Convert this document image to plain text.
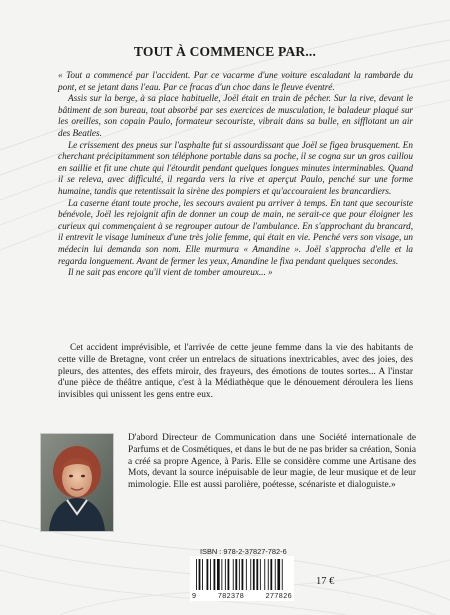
TOUT À COMMENCE PAR...

« Tout a commencé par l'accident. Par ce vacarme d'une voiture escaladant la rambarde du pont, et se jetant dans l'eau. Par ce fracas d'un choc dans le fleuve éventré.

Assis sur la berge, à sa place habituelle, Joël était en train de pêcher. Sur la rive, devant le bâtiment de son bureau, tout absorbé par ses exercices de musculation, le baladeur plaqué sur les oreilles, son copain Paulo, formateur secouriste, vibrait dans sa bulle, en sifflotant un air des Beatles.

Le crissement des pneus sur l'asphalte fut si assourdissant que Joël se figea brusquement. En cherchant précipitamment son téléphone portable dans sa poche, il se cogna sur un gros caillou en saillie et fit une chute qui l'étourdit pendant quelques longues minutes interminables. Quand il se releva, avec difficulté, il regarda vers la rive et aperçut Paulo, penché sur une forme humaine, tandis que retentissait la sirène des pompiers et qu'accouraient les brancardiers.

La caserne étant toute proche, les secours avaient pu arriver à temps. En tant que secouriste bénévole, Joël les rejoignit afin de donner un coup de main, ne serait-ce que pour éloigner les curieux qui commençaient à se regrouper autour de l'ambulance. En s'approchant du brancard, il entrevit le visage lumineux d'une très jolie femme, qui était en vie. Penché vers son visage, un médecin lui demanda son nom. Elle murmura « Amandine ». Joël s'approcha d'elle et la regarda longuement. Avant de fermer les yeux, Amandine le fixa pendant quelques secondes.

Il ne sait pas encore qu'il vient de tomber amoureux... »

Cet accident imprévisible, et l'arrivée de cette jeune femme dans la vie des habitants de cette ville de Bretagne, vont créer un entrelacs de situations inextricables, avec des joies, des pleurs, des attentes, des effets miroir, des frayeurs, des émotions de toutes sortes... A l'instar d'une pièce de théâtre antique, c'est à la Médiathèque que le dénouement déroulera les liens invisibles qui unissent les gens entre eux.

D'abord Directeur de Communication dans une Société internationale de Parfums et de Cosmétiques, et dans le but de ne pas brider sa création, Sonia a créé sa propre Agence, à Paris. Elle se considère comme une Artisane des Mots, devant la source inépuisable de leur magie, de leur musique et de leur mimologie. Elle est aussi parolière, poétesse, scénariste et dialoguiste.»

ISBN : 978-2-37827-782-6
9	782378	277826
17 €
